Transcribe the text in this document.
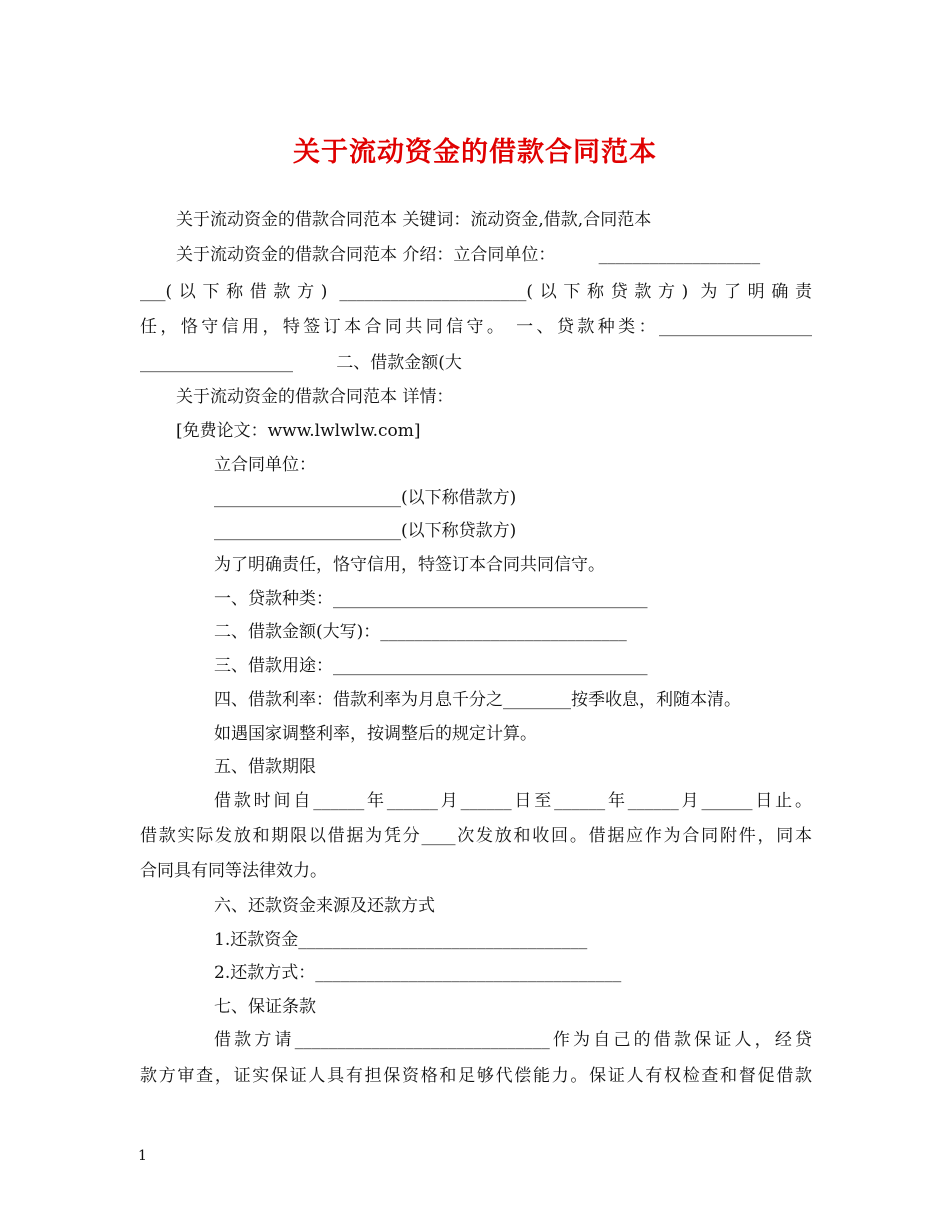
关于流动资金的借款合同范本
关于流动资金的借款合同范本 关键词：流动资金,借款,合同范本
关于流动资金的借款合同范本 介绍：立合同单位：        ___________________
___(以下称借款方) ______________________(以下称贷款方) 为了明确责
任，恪守信用，特签订本合同共同信守。 一、贷款种类：__________________
__________________        二、借款金额(大
关于流动资金的借款合同范本 详情：
[免费论文：www.lwlwlw.com]
立合同单位：
______________________(以下称借款方)
______________________(以下称贷款方)
为了明确责任，恪守信用，特签订本合同共同信守。
一、贷款种类：_____________________________________
二、借款金额(大写)：_____________________________
三、借款用途：_____________________________________
四、借款利率：借款利率为月息千分之________按季收息，利随本清。
如遇国家调整利率，按调整后的规定计算。
五、借款期限
借款时间自______年______月______日至______年______月______日止。
借款实际发放和期限以借据为凭分____次发放和收回。借据应作为合同附件，同本
合同具有同等法律效力。
六、还款资金来源及还款方式
1.还款资金__________________________________
2.还款方式：____________________________________
七、保证条款
借款方请______________________________作为自己的借款保证人，经贷
款方审查，证实保证人具有担保资格和足够代偿能力。保证人有权检查和督促借款
1
